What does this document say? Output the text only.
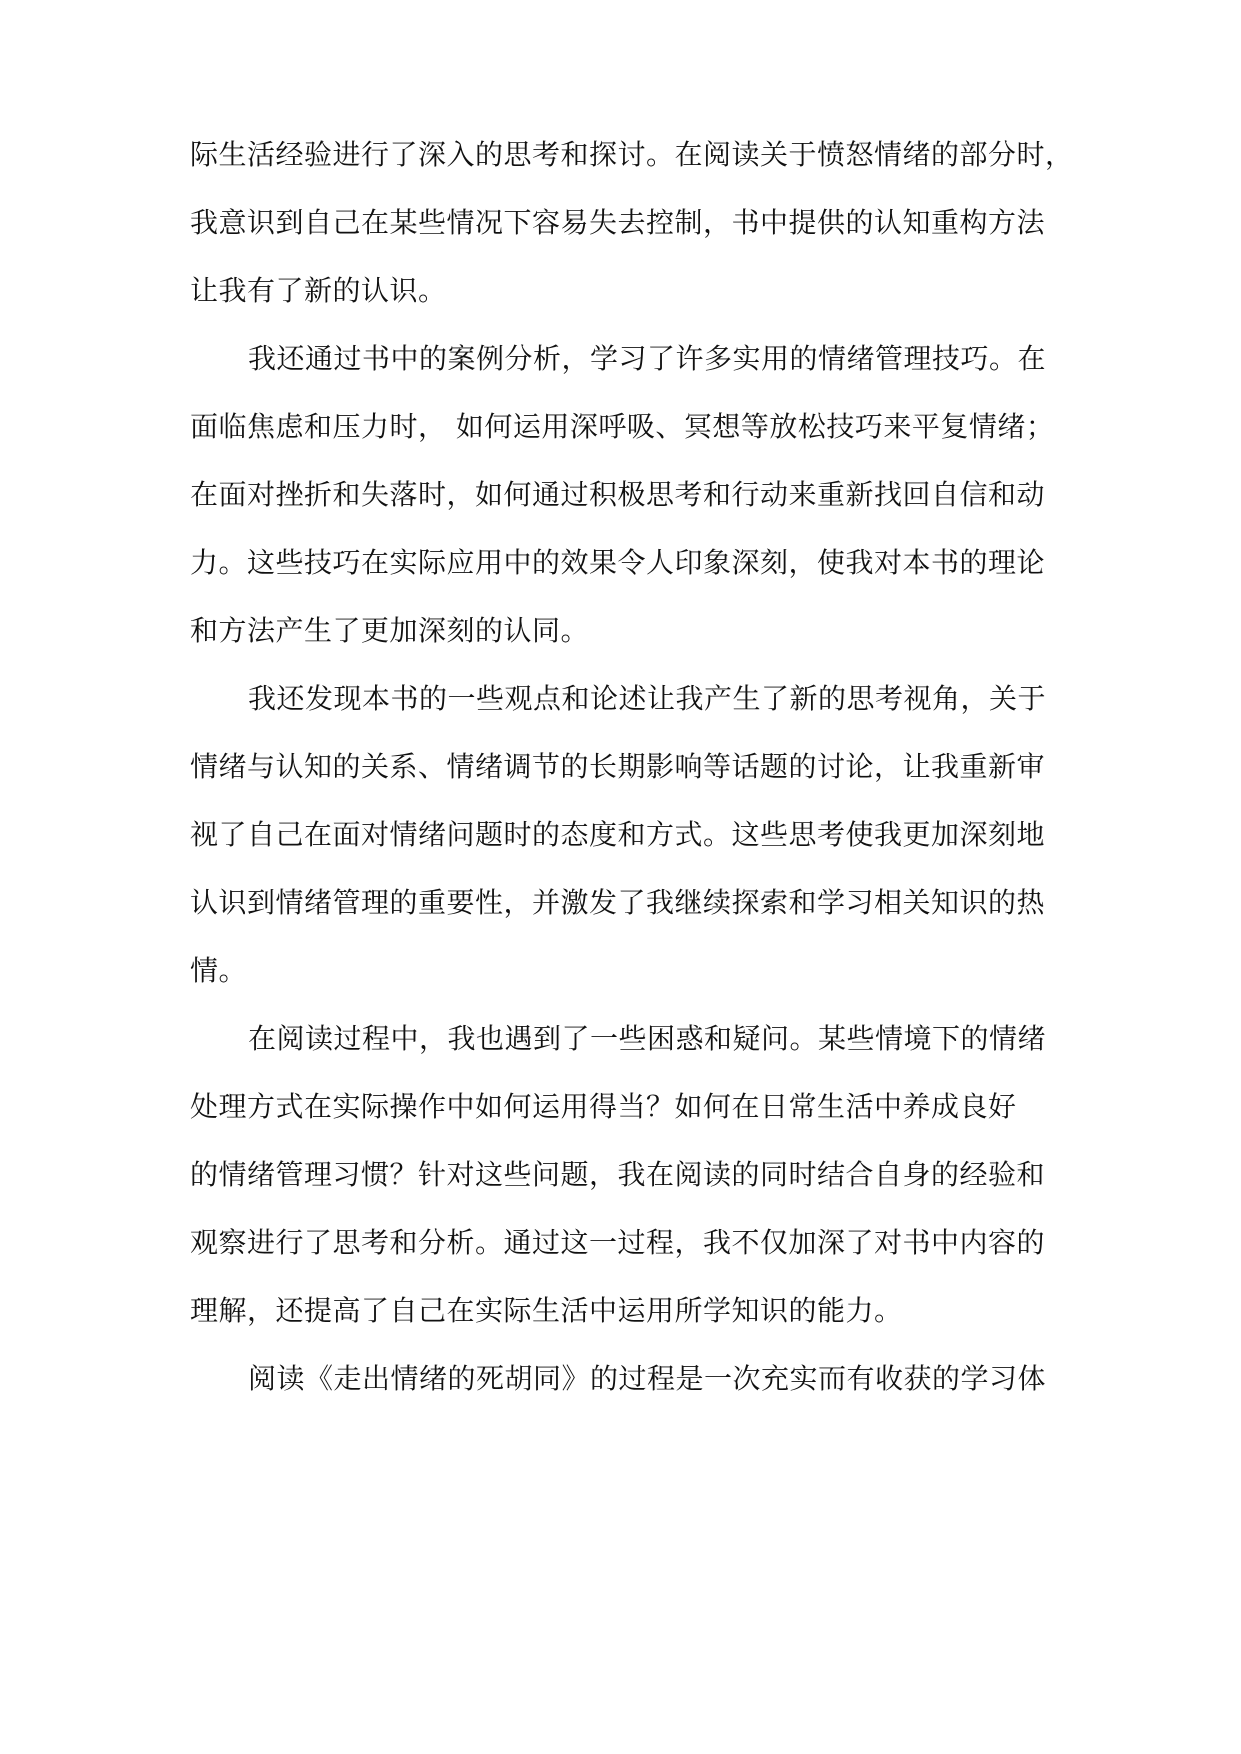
际生活经验进行了深入的思考和探讨。在阅读关于愤怒情绪的部分时，
我意识到自己在某些情况下容易失去控制，书中提供的认知重构方法
让我有了新的认识。
我还通过书中的案例分析，学习了许多实用的情绪管理技巧。在
面临焦虑和压力时， 如何运用深呼吸、冥想等放松技巧来平复情绪；
在面对挫折和失落时，如何通过积极思考和行动来重新找回自信和动
力。这些技巧在实际应用中的效果令人印象深刻，使我对本书的理论
和方法产生了更加深刻的认同。
我还发现本书的一些观点和论述让我产生了新的思考视角，关于
情绪与认知的关系、情绪调节的长期影响等话题的讨论，让我重新审
视了自己在面对情绪问题时的态度和方式。这些思考使我更加深刻地
认识到情绪管理的重要性，并激发了我继续探索和学习相关知识的热
情。
在阅读过程中，我也遇到了一些困惑和疑问。某些情境下的情绪
处理方式在实际操作中如何运用得当？如何在日常生活中养成良好
的情绪管理习惯？针对这些问题，我在阅读的同时结合自身的经验和
观察进行了思考和分析。通过这一过程，我不仅加深了对书中内容的
理解，还提高了自己在实际生活中运用所学知识的能力。
阅读《走出情绪的死胡同》的过程是一次充实而有收获的学习体
